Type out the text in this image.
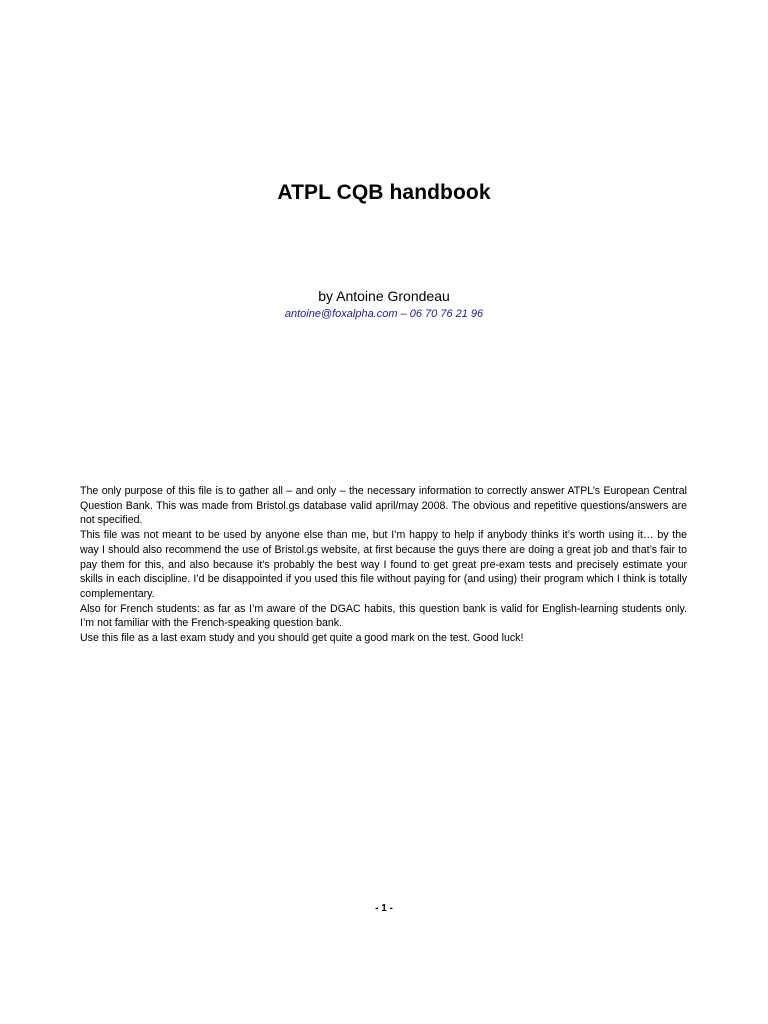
ATPL CQB handbook
by Antoine Grondeau
antoine@foxalpha.com – 06 70 76 21 96

The only purpose of this file is to gather all – and only – the necessary information to correctly answer ATPL’s European Central Question Bank. This was made from Bristol.gs database valid april/may 2008. The obvious and repetitive questions/answers are not specified.

This file was not meant to be used by anyone else than me, but I’m happy to help if anybody thinks it’s worth using it… by the way I should also recommend the use of Bristol.gs website, at first because the guys there are doing a great job and that’s fair to pay them for this, and also because it’s probably the best way I found to get great pre-exam tests and precisely estimate your skills in each discipline. I’d be disappointed if you used this file without paying for (and using) their program which I think is totally complementary.

Also for French students: as far as I’m aware of the DGAC habits, this question bank is valid for English-learning students only. I’m not familiar with the French-speaking question bank.

Use this file as a last exam study and you should get quite a good mark on the test. Good luck!

- 1 -
